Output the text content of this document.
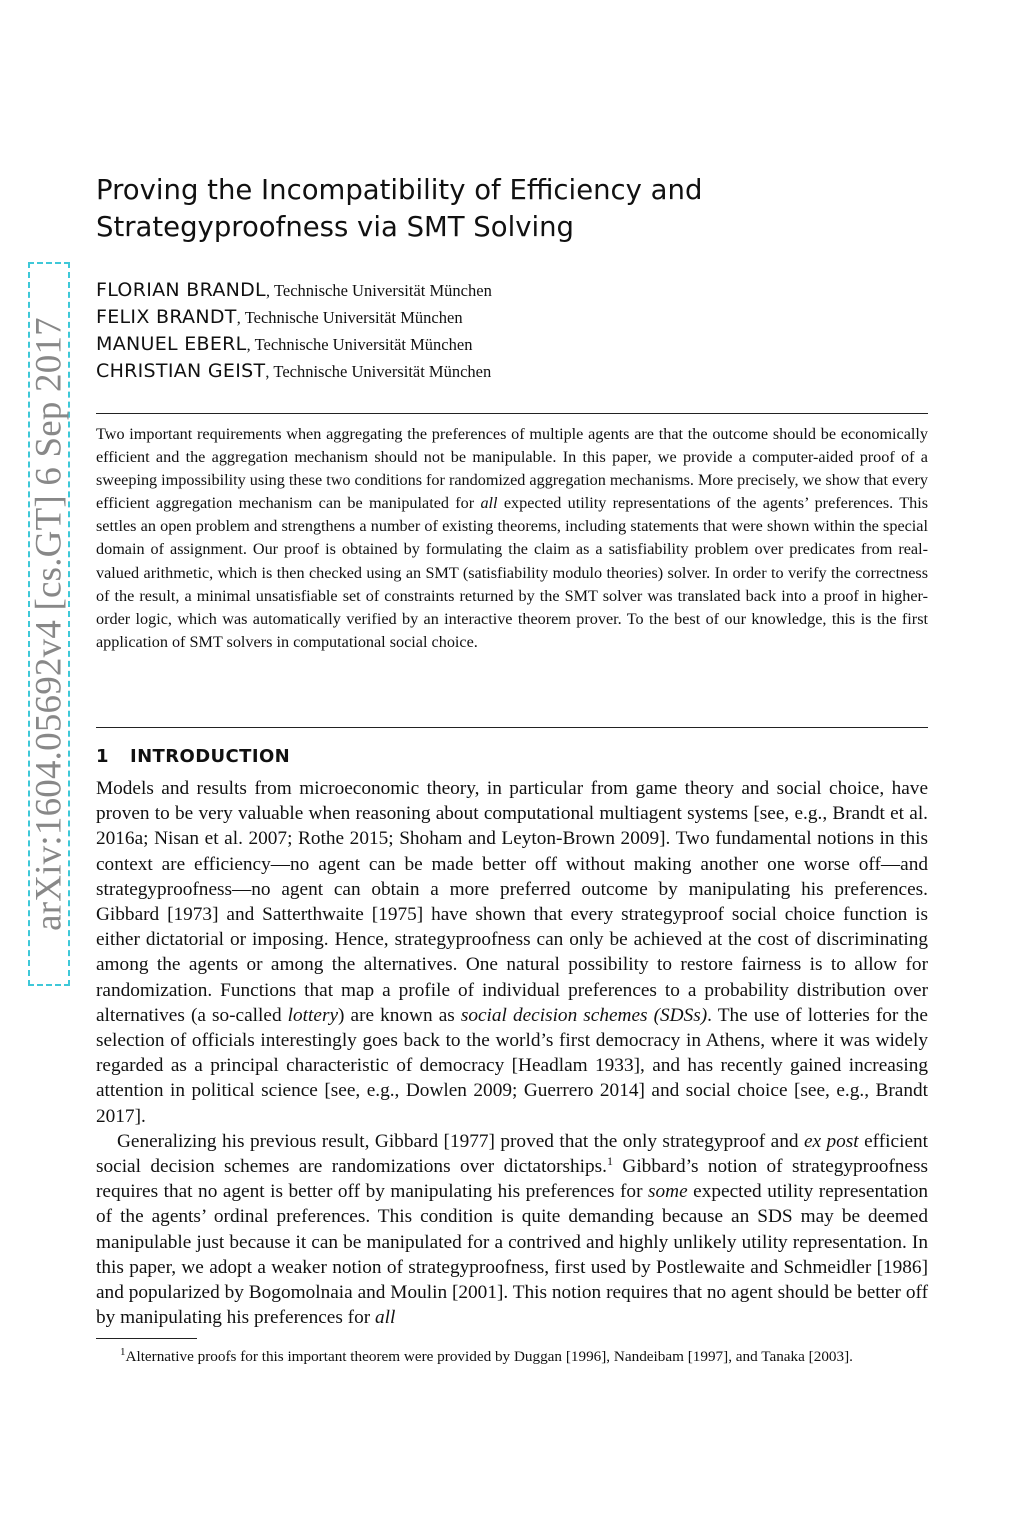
arXiv:1604.05692v4 [cs.GT] 6 Sep 2017
Proving the Incompatibility of Efficiency and Strategyproofness via SMT Solving
FLORIAN BRANDL, Technische Universität München
FELIX BRANDT, Technische Universität München
MANUEL EBERL, Technische Universität München
CHRISTIAN GEIST, Technische Universität München

Two important requirements when aggregating the preferences of multiple agents are that the outcome should be economically efficient and the aggregation mechanism should not be manipulable. In this paper, we provide a computer-aided proof of a sweeping impossibility using these two conditions for randomized aggregation mechanisms. More precisely, we show that every efficient aggregation mechanism can be manipulated for all expected utility representations of the agents’ preferences. This settles an open problem and strengthens a number of existing theorems, including statements that were shown within the special domain of assignment. Our proof is obtained by formulating the claim as a satisfiability problem over predicates from real-valued arithmetic, which is then checked using an SMT (satisfiability modulo theories) solver. In order to verify the correctness of the result, a minimal unsatisfiable set of constraints returned by the SMT solver was translated back into a proof in higher-order logic, which was automatically verified by an interactive theorem prover. To the best of our knowledge, this is the first application of SMT solvers in computational social choice.

1 INTRODUCTION

Models and results from microeconomic theory, in particular from game theory and social choice, have proven to be very valuable when reasoning about computational multiagent systems [see, e.g., Brandt et al. 2016a; Nisan et al. 2007; Rothe 2015; Shoham and Leyton-Brown 2009]. Two fundamental notions in this context are efficiency—no agent can be made better off without making another one worse off—and strategyproofness—no agent can obtain a more preferred outcome by manipulating his preferences. Gibbard [1973] and Satterthwaite [1975] have shown that every strategyproof social choice function is either dictatorial or imposing. Hence, strategyproofness can only be achieved at the cost of discriminating among the agents or among the alternatives. One natural possibility to restore fairness is to allow for randomization. Functions that map a profile of individual preferences to a probability distribution over alternatives (a so-called lottery) are known as social decision schemes (SDSs). The use of lotteries for the selection of officials interestingly goes back to the world’s first democracy in Athens, where it was widely regarded as a principal characteristic of democracy [Headlam 1933], and has recently gained increasing attention in political science [see, e.g., Dowlen 2009; Guerrero 2014] and social choice [see, e.g., Brandt 2017].

Generalizing his previous result, Gibbard [1977] proved that the only strategyproof and ex post efficient social decision schemes are randomizations over dictatorships.$^1$ Gibbard’s notion of strategyproofness requires that no agent is better off by manipulating his preferences for some expected utility representation of the agents’ ordinal preferences. This condition is quite demanding because an SDS may be deemed manipulable just because it can be manipulated for a contrived and highly unlikely utility representation. In this paper, we adopt a weaker notion of strategyproofness, first used by Postlewaite and Schmeidler [1986] and popularized by Bogomolnaia and Moulin [2001]. This notion requires that no agent should be better off by manipulating his preferences for all

$^1$Alternative proofs for this important theorem were provided by Duggan [1996], Nandeibam [1997], and Tanaka [2003].
